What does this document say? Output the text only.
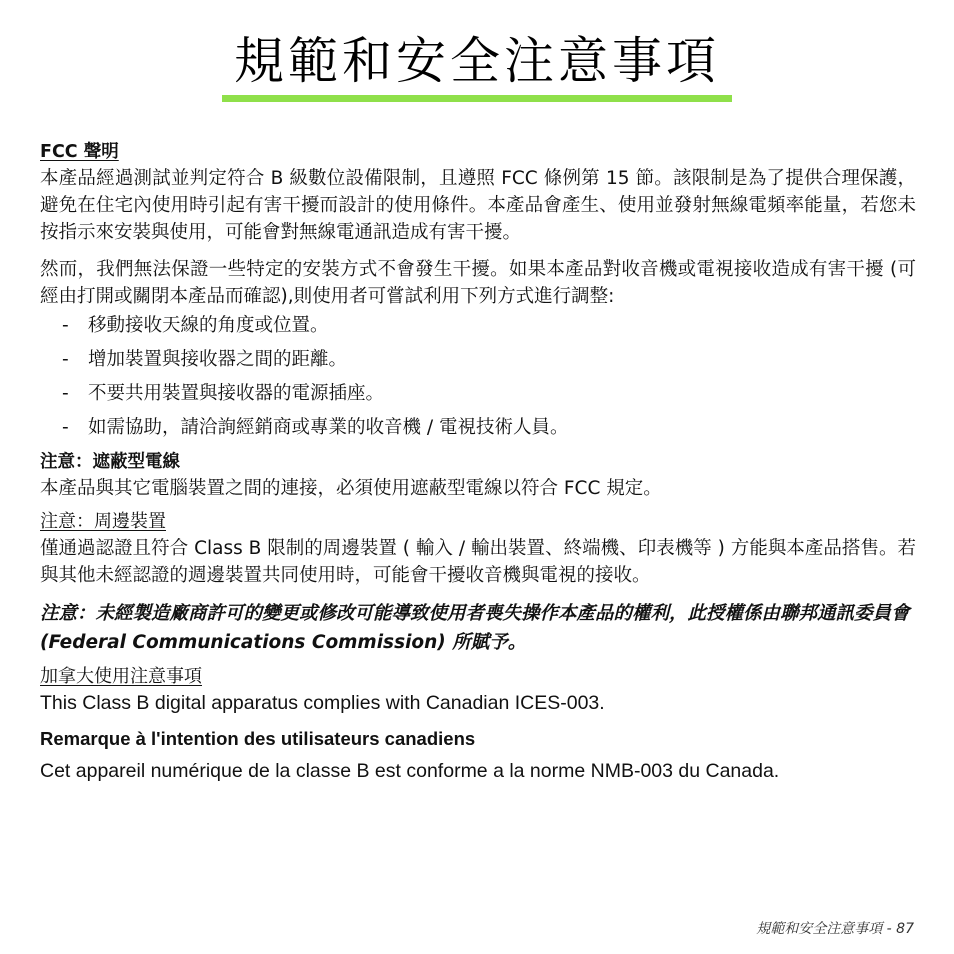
規範和安全注意事項
FCC 聲明

本產品經過測試並判定符合 B 級數位設備限制，且遵照 FCC 條例第 15 節。該限制是為了提供合理保護，避免在住宅內使用時引起有害干擾而設計的使用條件。本產品會產生、使用並發射無線電頻率能量，若您未按指示來安裝與使用，可能會對無線電通訊造成有害干擾。

然而，我們無法保證一些特定的安裝方式不會發生干擾。如果本產品對收音機或電視接收造成有害干擾 (可經由打開或關閉本產品而確認),則使用者可嘗試利用下列方式進行調整:

- 移動接收天線的角度或位置。
- 增加裝置與接收器之間的距離。
- 不要共用裝置與接收器的電源插座。
- 如需協助，請洽詢經銷商或專業的收音機 / 電視技術人員。
注意：遮蔽型電線

本產品與其它電腦裝置之間的連接，必須使用遮蔽型電線以符合 FCC 規定。

注意：周邊裝置

僅通過認證且符合 Class B 限制的周邊裝置 ( 輸入 / 輸出裝置、終端機、印表機等 ) 方能與本產品搭售。若與其他未經認證的週邊裝置共同使用時，可能會干擾收音機與電視的接收。

注意：未經製造廠商許可的變更或修改可能導致使用者喪失操作本產品的權利，此授權係由聯邦通訊委員會 (Federal Communications Commission) 所賦予。

加拿大使用注意事項

This Class B digital apparatus complies with Canadian ICES-003.

Remarque à l'intention des utilisateurs canadiens

Cet appareil numérique de la classe B est conforme a la norme NMB-003 du Canada.

規範和安全注意事項 - 87
